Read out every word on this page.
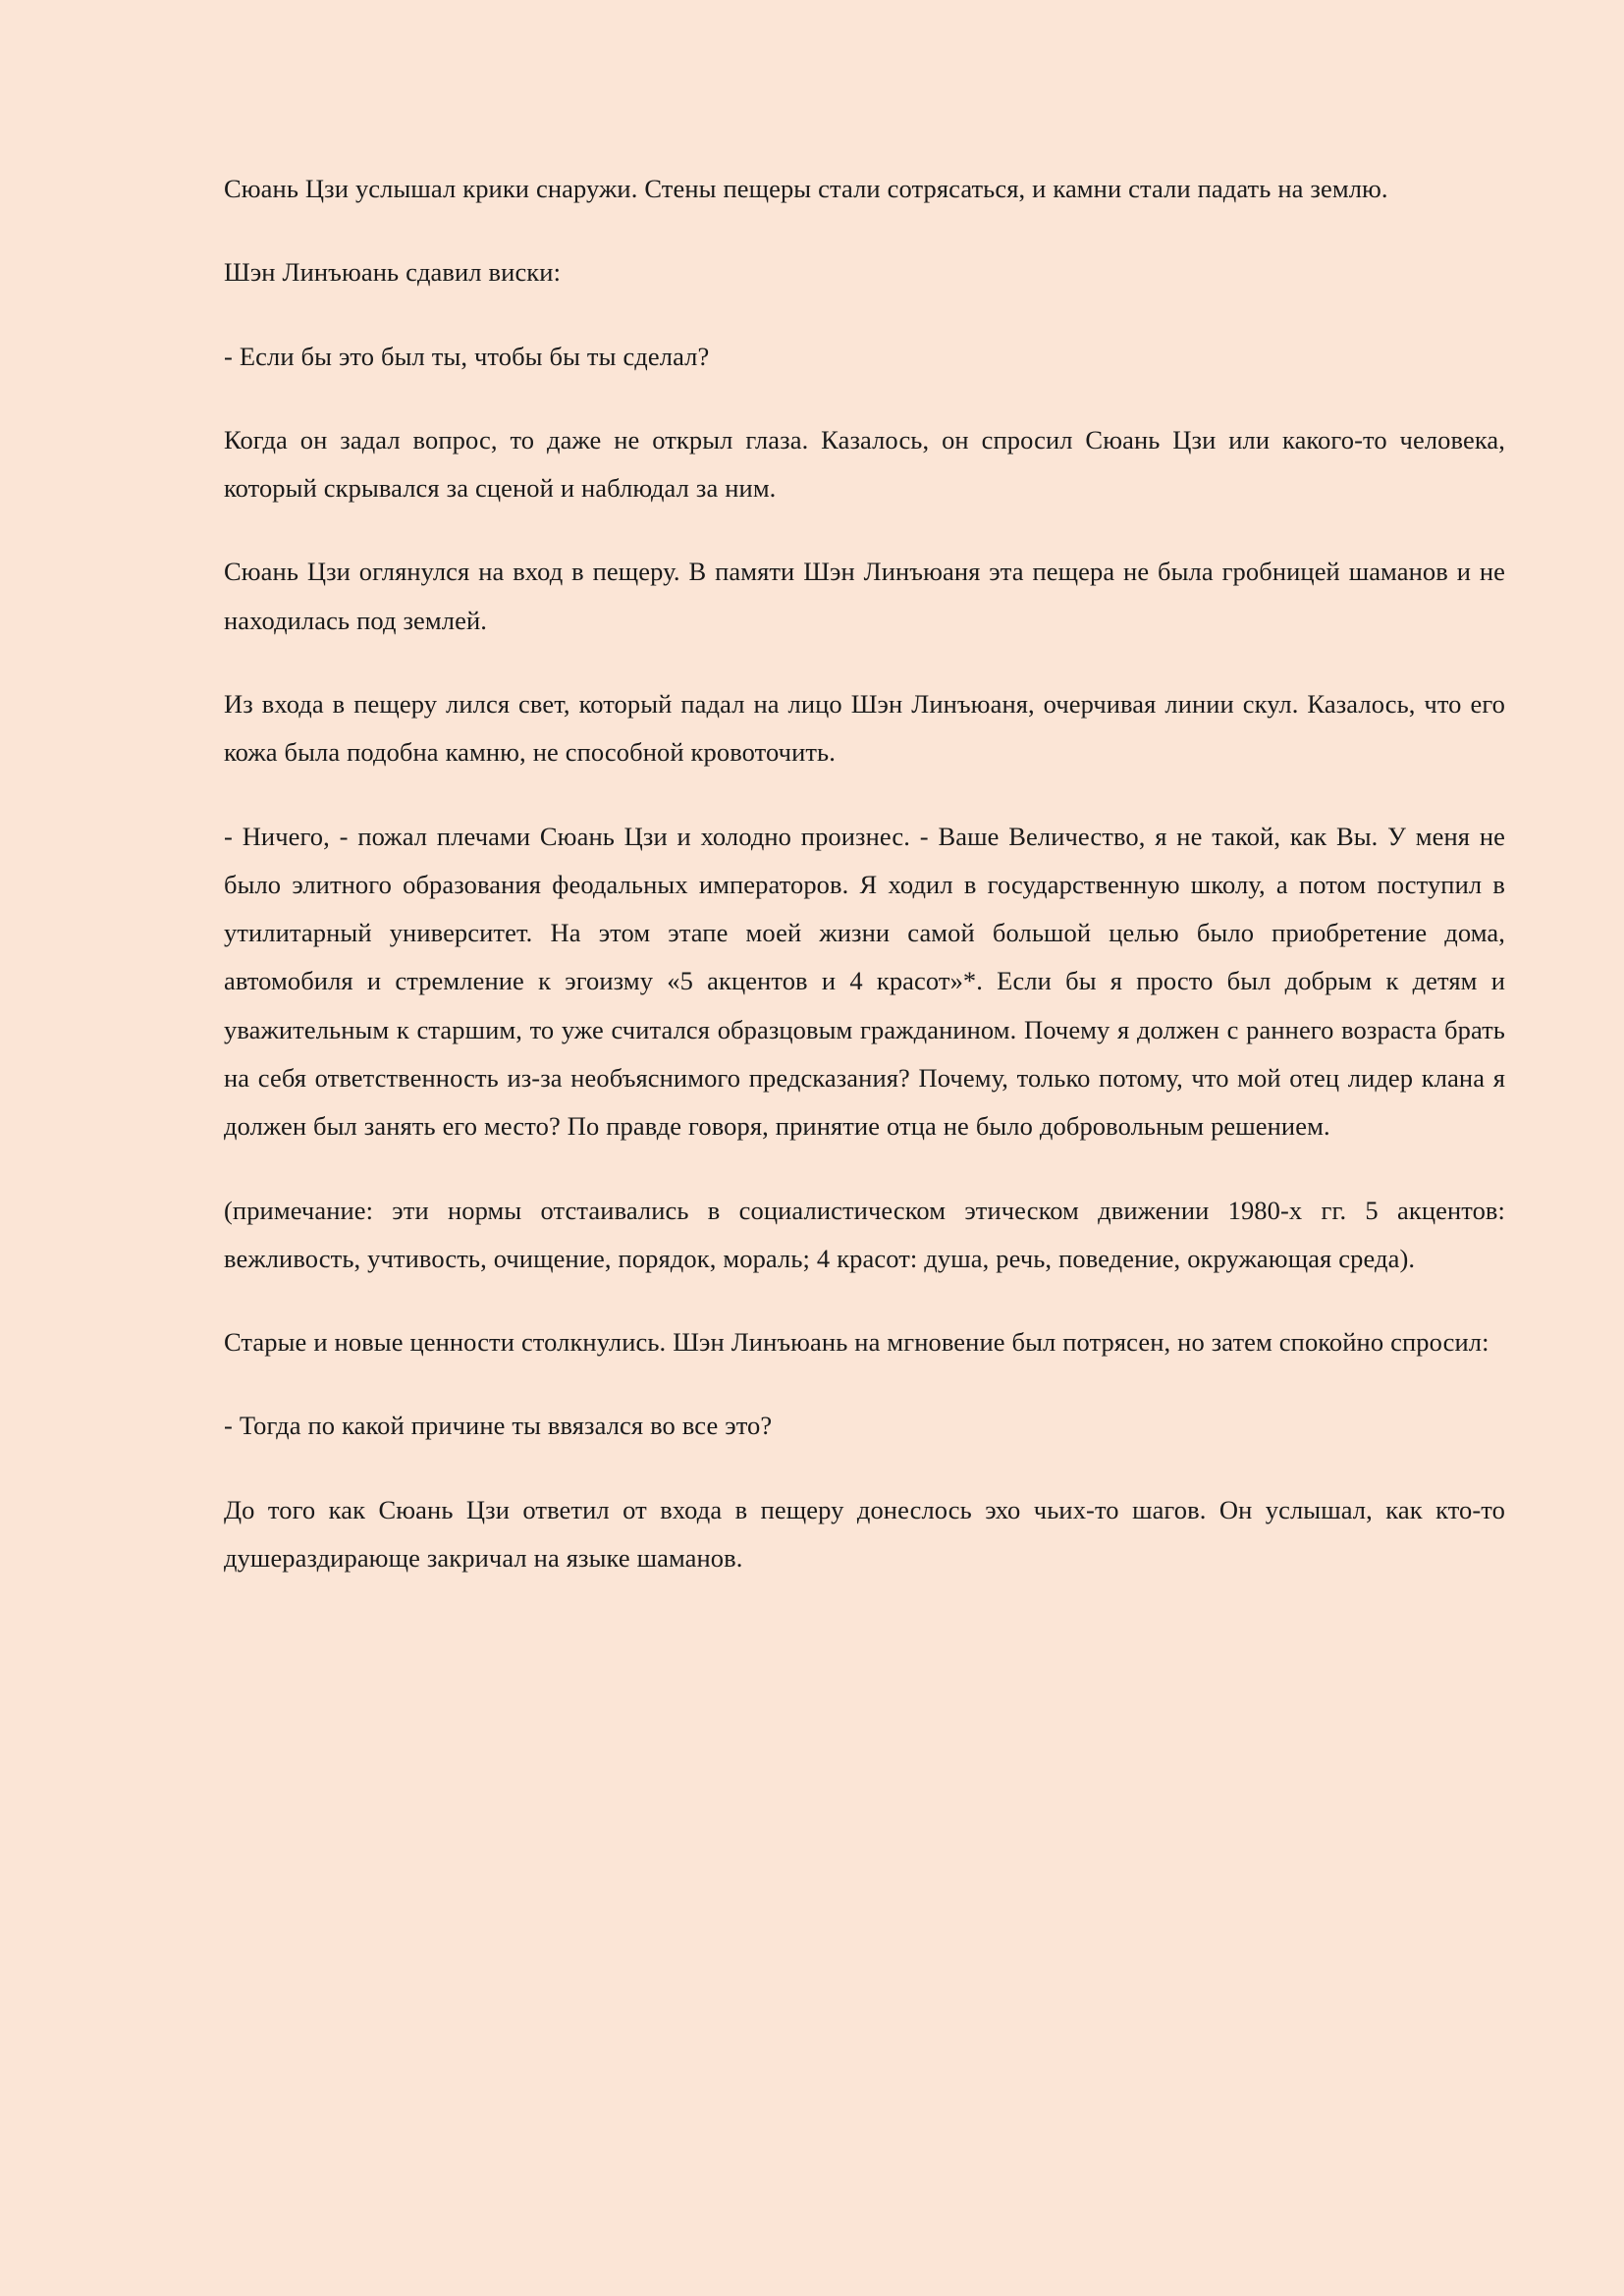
Сюань Цзи услышал крики снаружи. Стены пещеры стали сотрясаться, и камни стали падать на землю.

Шэн Линъюань сдавил виски:

- Если бы это был ты, чтобы бы ты сделал?

Когда он задал вопрос, то даже не открыл глаза. Казалось, он спросил Сюань Цзи или какого-то человека, который скрывался за сценой и наблюдал за ним.

Сюань Цзи оглянулся на вход в пещеру. В памяти Шэн Линъюаня эта пещера не была гробницей шаманов и не находилась под землей.

Из входа в пещеру лился свет, который падал на лицо Шэн Линъюаня, очерчивая линии скул. Казалось, что его кожа была подобна камню, не способной кровоточить.

- Ничего, - пожал плечами Сюань Цзи и холодно произнес. - Ваше Величество, я не такой, как Вы. У меня не было элитного образования феодальных императоров. Я ходил в государственную школу, а потом поступил в утилитарный университет. На этом этапе моей жизни самой большой целью было приобретение дома, автомобиля и стремление к эгоизму «5 акцентов и 4 красот»*. Если бы я просто был добрым к детям и уважительным к старшим, то уже считался образцовым гражданином. Почему я должен с раннего возраста брать на себя ответственность из-за необъяснимого предсказания? Почему, только потому, что мой отец лидер клана я должен был занять его место? По правде говоря, принятие отца не было добровольным решением.

(примечание: эти нормы отстаивались в социалистическом этическом движении 1980-х гг. 5 акцентов: вежливость, учтивость, очищение, порядок, мораль; 4 красот: душа, речь, поведение, окружающая среда).

Старые и новые ценности столкнулись. Шэн Линъюань на мгновение был потрясен, но затем спокойно спросил:

- Тогда по какой причине ты ввязался во все это?

До того как Сюань Цзи ответил от входа в пещеру донеслось эхо чьих-то шагов. Он услышал, как кто-то душераздирающе закричал на языке шаманов.
